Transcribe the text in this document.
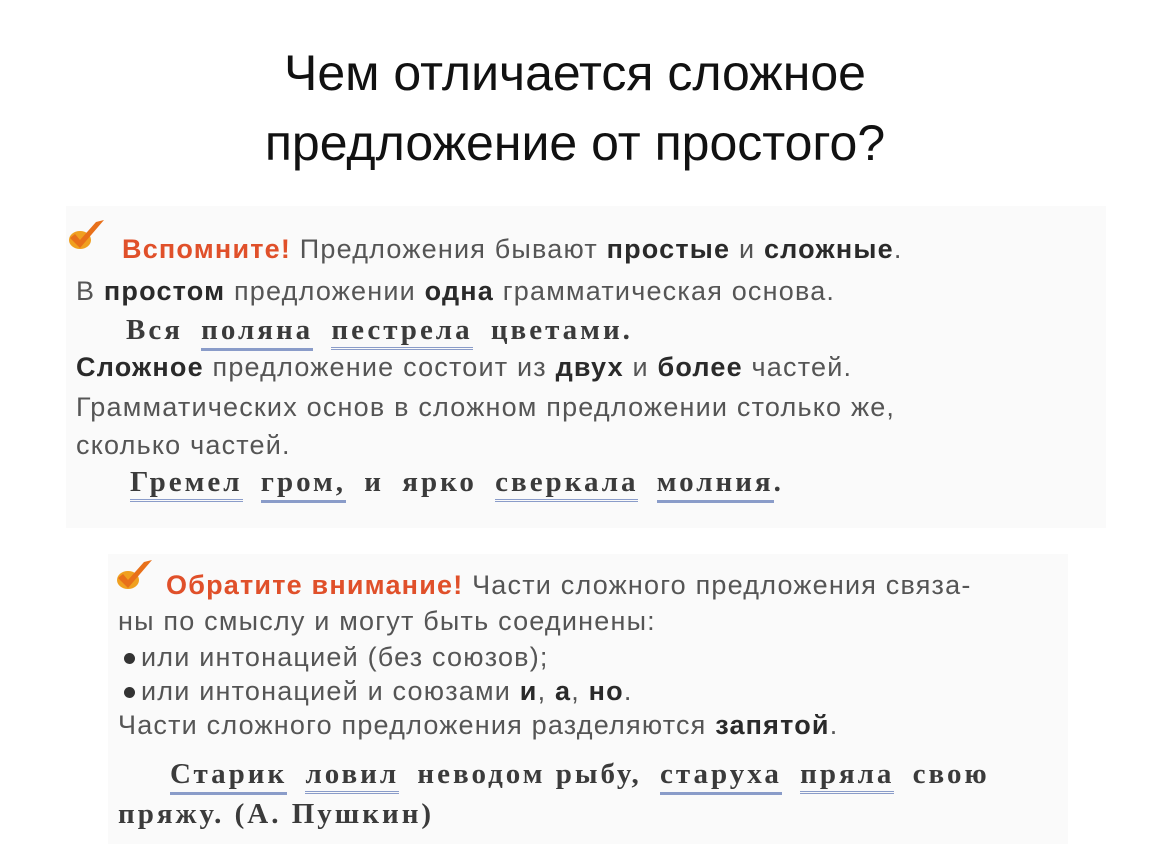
Чем отличается сложное
предложение от простого?
Вспомните! Предложения бывают простые и сложные.
В простом предложении одна грамматическая основа.
Вся поляна пестрела цветами.
Сложное предложение состоит из двух и более частей.
Грамматических основ в сложном предложении столько же,
сколько частей.
Гремел гром, и ярко сверкала молния.
Обратите внимание! Части сложного предложения связа-
ны по смыслу и могут быть соединены:
или интонацией (без союзов);
или интонацией и союзами и, а, но.
Части сложного предложения разделяются запятой.
Старик ловил неводом рыбу, старуха пряла свою
пряжу. (А. Пушкин)
